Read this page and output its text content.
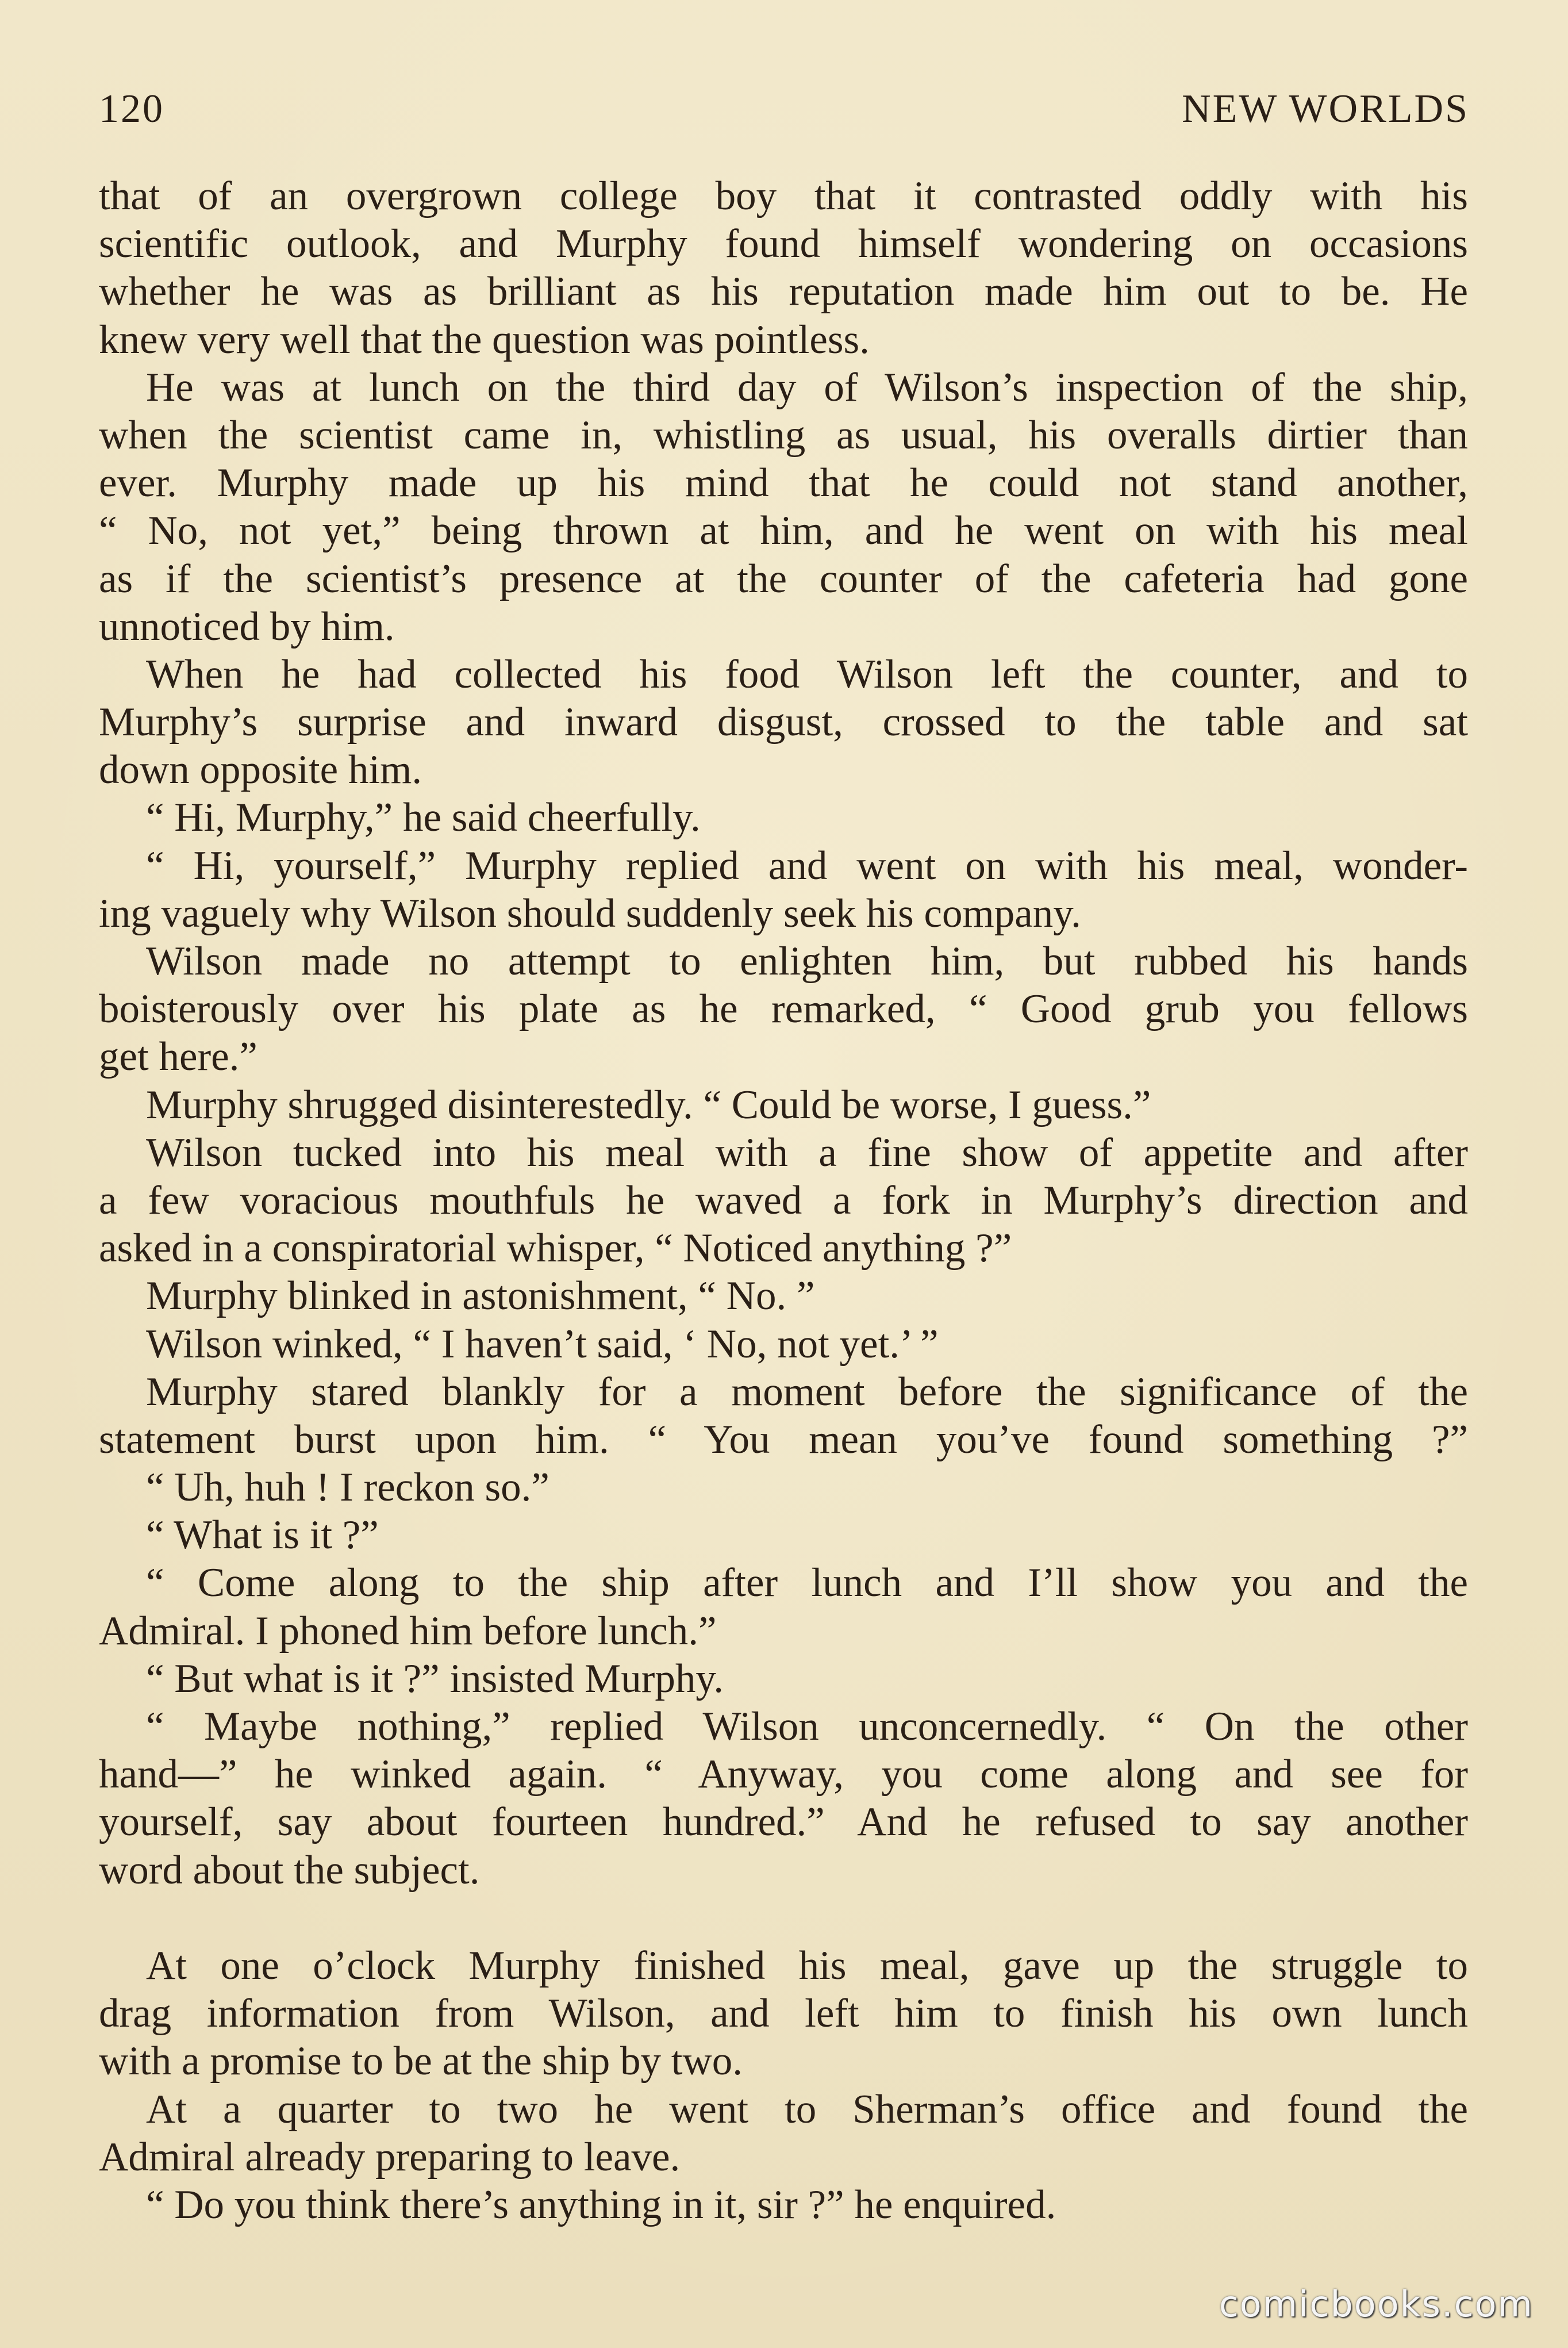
120	NEW WORLDS
that of an overgrown college boy that it contrasted oddly with his
scientific outlook, and Murphy found himself wondering on occasions
whether he was as brilliant as his reputation made him out to be. He
knew very well that the question was pointless.
He was at lunch on the third day of Wilson’s inspection of the ship,
when the scientist came in, whistling as usual, his overalls dirtier than
ever. Murphy made up his mind that he could not stand another,
“ No, not yet,” being thrown at him, and he went on with his meal
as if the scientist’s presence at the counter of the cafeteria had gone
unnoticed by him.
When he had collected his food Wilson left the counter, and to
Murphy’s surprise and inward disgust, crossed to the table and sat
down opposite him.
“ Hi, Murphy,” he said cheerfully.
“ Hi, yourself,” Murphy replied and went on with his meal, wonder-
ing vaguely why Wilson should suddenly seek his company.
Wilson made no attempt to enlighten him, but rubbed his hands
boisterously over his plate as he remarked, “ Good grub you fellows
get here.”
Murphy shrugged disinterestedly. “ Could be worse, I guess.”
Wilson tucked into his meal with a fine show of appetite and after
a few voracious mouthfuls he waved a fork in Murphy’s direction and
asked in a conspiratorial whisper, “ Noticed anything ?”
Murphy blinked in astonishment, “ No. ”
Wilson winked, “ I haven’t said, ‘ No, not yet.’ ”
Murphy stared blankly for a moment before the significance of the
statement burst upon him. “ You mean you’ve found something ?”
“ Uh, huh ! I reckon so.”
“ What is it ?”
“ Come along to the ship after lunch and I’ll show you and the
Admiral. I phoned him before lunch.”
“ But what is it ?” insisted Murphy.
“ Maybe nothing,” replied Wilson unconcernedly. “ On the other
hand—” he winked again. “ Anyway, you come along and see for
yourself, say about fourteen hundred.” And he refused to say another
word about the subject.
At one o’clock Murphy finished his meal, gave up the struggle to
drag information from Wilson, and left him to finish his own lunch
with a promise to be at the ship by two.
At a quarter to two he went to Sherman’s office and found the
Admiral already preparing to leave.
“ Do you think there’s anything in it, sir ?” he enquired.
comicbooks.com
